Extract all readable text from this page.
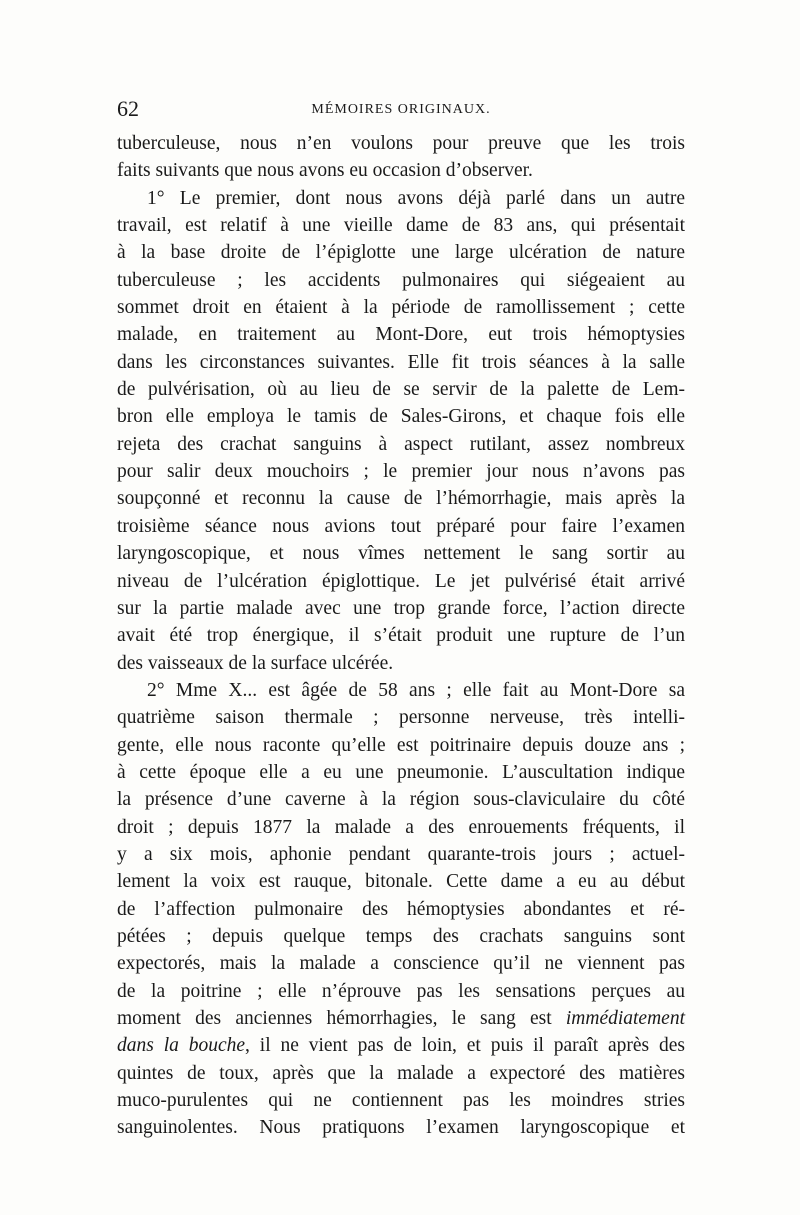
62	MÉMOIRES ORIGINAUX.
tuberculeuse, nous n’en voulons pour preuve que les trois
faits suivants que nous avons eu occasion d’observer.
1° Le premier, dont nous avons déjà parlé dans un autre
travail, est relatif à une vieille dame de 83 ans, qui présentait
à la base droite de l’épiglotte une large ulcération de nature
tuberculeuse ; les accidents pulmonaires qui siégeaient au
sommet droit en étaient à la période de ramollissement ; cette
malade, en traitement au Mont-Dore, eut trois hémoptysies
dans les circonstances suivantes. Elle fit trois séances à la salle
de pulvérisation, où au lieu de se servir de la palette de Lem-
bron elle employa le tamis de Sales-Girons, et chaque fois elle
rejeta des crachat sanguins à aspect rutilant, assez nombreux
pour salir deux mouchoirs ; le premier jour nous n’avons pas
soupçonné et reconnu la cause de l’hémorrhagie, mais après la
troisième séance nous avions tout préparé pour faire l’examen
laryngoscopique, et nous vîmes nettement le sang sortir au
niveau de l’ulcération épiglottique. Le jet pulvérisé était arrivé
sur la partie malade avec une trop grande force, l’action directe
avait été trop énergique, il s’était produit une rupture de l’un
des vaisseaux de la surface ulcérée.
2° Mme X... est âgée de 58 ans ; elle fait au Mont-Dore sa
quatrième saison thermale ; personne nerveuse, très intelli-
gente, elle nous raconte qu’elle est poitrinaire depuis douze ans ;
à cette époque elle a eu une pneumonie. L’auscultation indique
la présence d’une caverne à la région sous-claviculaire du côté
droit ; depuis 1877 la malade a des enrouements fréquents, il
y a six mois, aphonie pendant quarante-trois jours ; actuel-
lement la voix est rauque, bitonale. Cette dame a eu au début
de l’affection pulmonaire des hémoptysies abondantes et ré-
pétées ; depuis quelque temps des crachats sanguins sont
expectorés, mais la malade a conscience qu’il ne viennent pas
de la poitrine ; elle n’éprouve pas les sensations perçues au
moment des anciennes hémorrhagies, le sang est immédiatement
dans la bouche, il ne vient pas de loin, et puis il paraît après des
quintes de toux, après que la malade a expectoré des matières
muco-purulentes qui ne contiennent pas les moindres stries
sanguinolentes. Nous pratiquons l’examen laryngoscopique et
